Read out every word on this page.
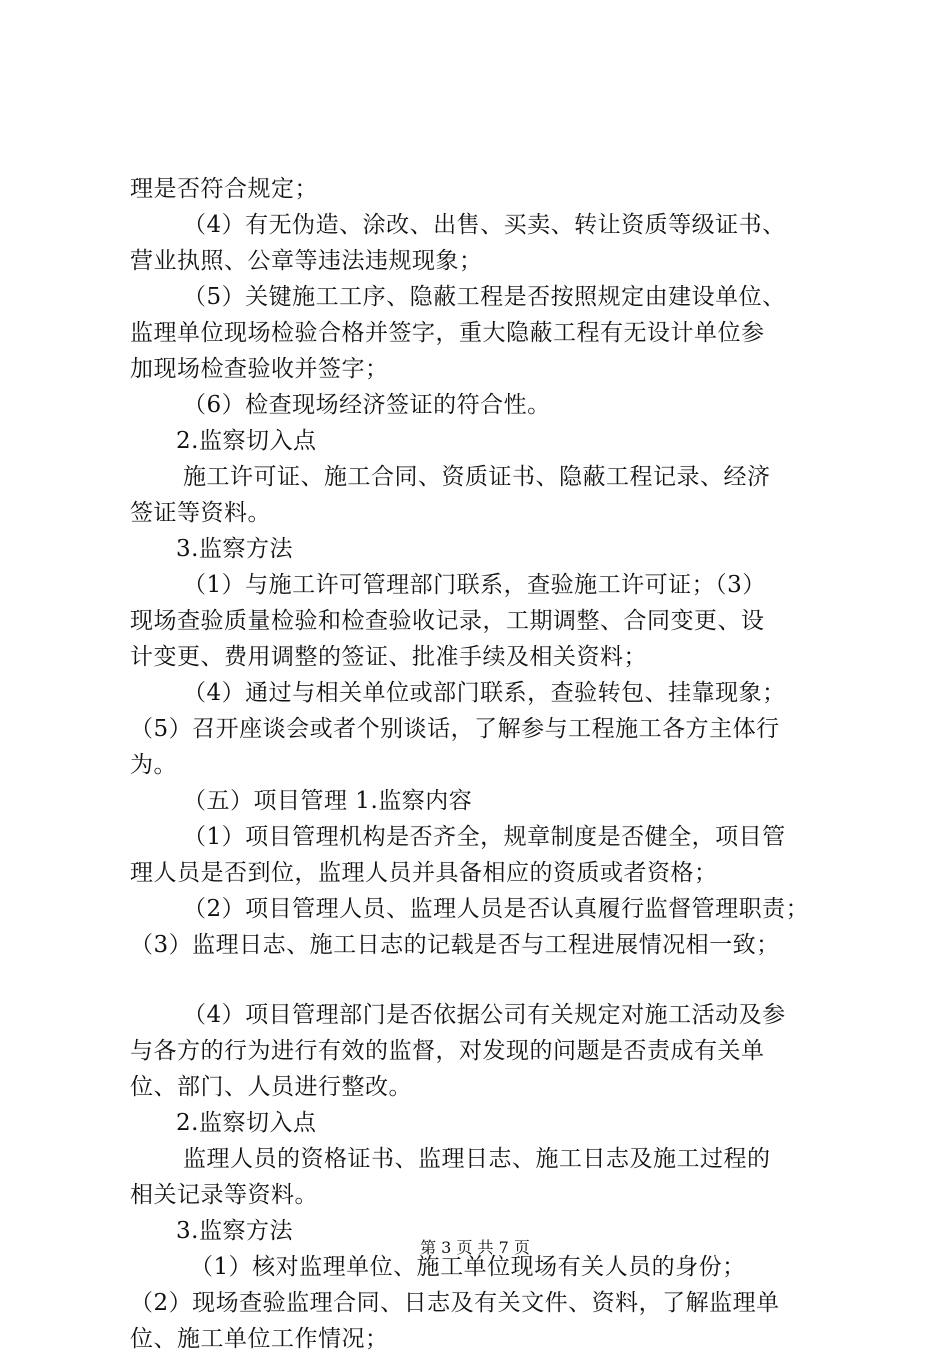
理是否符合规定；
（4）有无伪造、涂改、出售、买卖、转让资质等级证书、
营业执照、公章等违法违规现象；
（5）关键施工工序、隐蔽工程是否按照规定由建设单位、
监理单位现场检验合格并签字，重大隐蔽工程有无设计单位参
加现场检查验收并签字；
（6）检查现场经济签证的符合性。
2.监察切入点
施工许可证、施工合同、资质证书、隐蔽工程记录、经济
签证等资料。
3.监察方法
（1）与施工许可管理部门联系，查验施工许可证；（3）
现场查验质量检验和检查验收记录，工期调整、合同变更、设
计变更、费用调整的签证、批准手续及相关资料；
（4）通过与相关单位或部门联系，查验转包、挂靠现象；
（5）召开座谈会或者个别谈话，了解参与工程施工各方主体行
为。
（五）项目管理 1.监察内容
（1）项目管理机构是否齐全，规章制度是否健全，项目管
理人员是否到位，监理人员并具备相应的资质或者资格；
（2）项目管理人员、监理人员是否认真履行监督管理职责；
（3）监理日志、施工日志的记载是否与工程进展情况相一致；
（4）项目管理部门是否依据公司有关规定对施工活动及参
与各方的行为进行有效的监督，对发现的问题是否责成有关单
位、部门、人员进行整改。
2.监察切入点
监理人员的资格证书、监理日志、施工日志及施工过程的
相关记录等资料。
3.监察方法
（1）核对监理单位、施工单位现场有关人员的身份；
（2）现场查验监理合同、日志及有关文件、资料，了解监理单
位、施工单位工作情况；
第 3 页 共 7 页
